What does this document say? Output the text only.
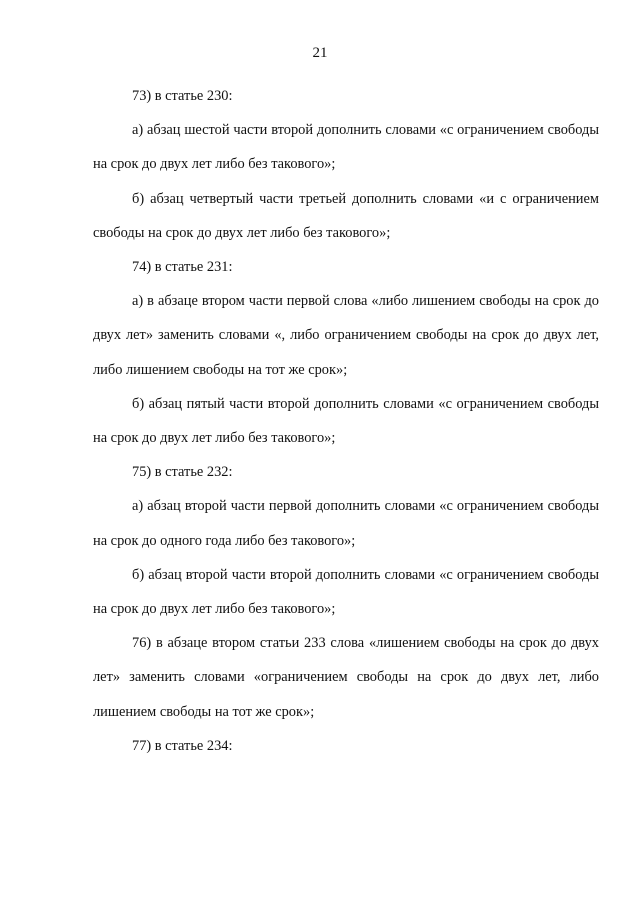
21

73) в статье 230:

а) абзац шестой части второй дополнить словами «с ограничением свободы на срок до двух лет либо без такового»;

б) абзац четвертый части третьей дополнить словами «и с ограничением свободы на срок до двух лет либо без такового»;

74) в статье 231:

а) в абзаце втором части первой слова «либо лишением свободы на срок до двух лет» заменить словами «, либо ограничением свободы на срок до двух лет, либо лишением свободы на тот же срок»;

б) абзац пятый части второй дополнить словами «с ограничением свободы на срок до двух лет либо без такового»;

75) в статье 232:

а) абзац второй части первой дополнить словами «с ограничением свободы на срок до одного года либо без такового»;

б) абзац второй части второй дополнить словами «с ограничением свободы на срок до двух лет либо без такового»;

76) в абзаце втором статьи 233 слова «лишением свободы на срок до двух лет» заменить словами «ограничением свободы на срок до двух лет, либо лишением свободы на тот же срок»;

77) в статье 234:
